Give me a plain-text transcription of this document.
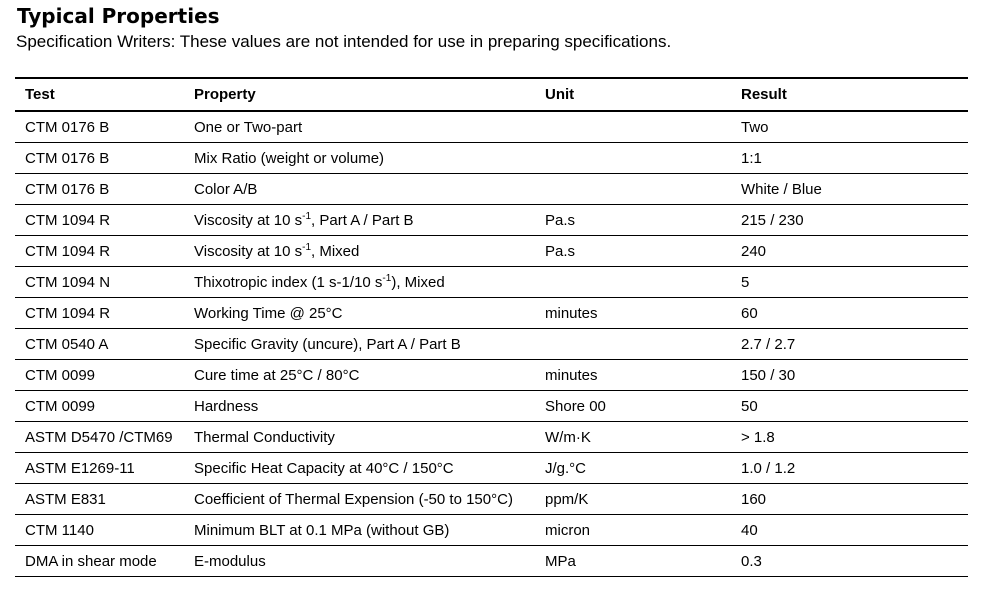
Typical Properties
Specification Writers: These values are not intended for use in preparing specifications.
Test	Property	Unit	Result
CTM 0176 B	One or Two-part		Two
CTM 0176 B	Mix Ratio (weight or volume)		1:1
CTM 0176 B	Color A/B		White / Blue
CTM 1094 R	Viscosity at 10 $s^{-1}$, Part A / Part B	Pa.s	215 / 230
CTM 1094 R	Viscosity at 10 $s^{-1}$, Mixed	Pa.s	240
CTM 1094 N	Thixotropic index (1 s-1/10 $s^{-1}$), Mixed		5
CTM 1094 R	Working Time @ 25°C	minutes	60
CTM 0540 A	Specific Gravity (uncure), Part A / Part B		2.7 / 2.7
CTM 0099	Cure time at 25°C / 80°C	minutes	150 / 30
CTM 0099	Hardness	Shore 00	50
ASTM D5470 /CTM69	Thermal Conductivity	W/m·K	> 1.8
ASTM E1269-11	Specific Heat Capacity at 40°C / 150°C	J/g.°C	1.0 / 1.2
ASTM E831	Coefficient of Thermal Expension (-50 to 150°C)	ppm/K	160
CTM 1140	Minimum BLT at 0.1 MPa (without GB)	micron	40
DMA in shear mode	E-modulus	MPa	0.3
